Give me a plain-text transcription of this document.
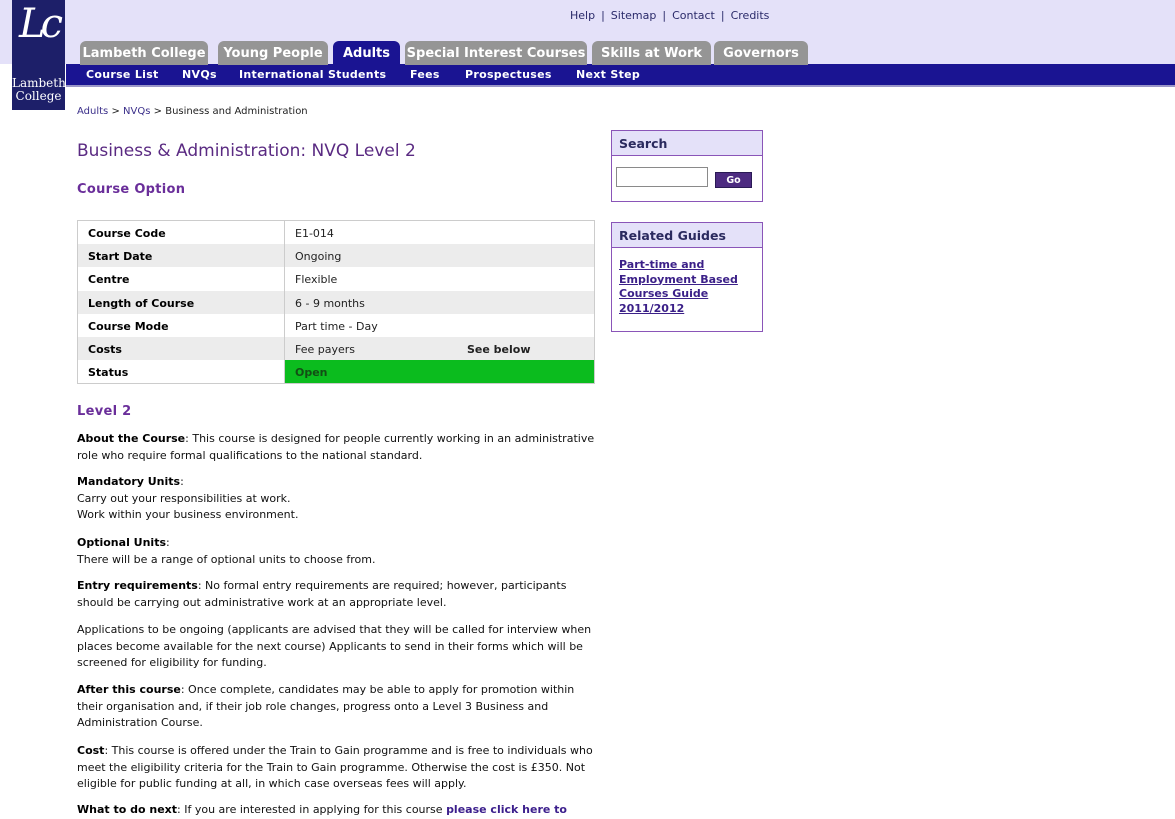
Lc
Lambeth
College
Help | Sitemap | Contact | Credits
Lambeth College	Young People	Adults	Special Interest Courses	Skills at Work	Governors
Course List NVQs International Students Fees Prospectuses Next Step
Adults > NVQs > Business and Administration
Business & Administration: NVQ Level 2
Course Option
Course Code	E1-014
Start Date	Ongoing
Centre	Flexible
Length of Course	6 - 9 months
Course Mode	Part time - Day
Costs	Fee payers	See below
Status	Open
Level 2
About the Course: This course is designed for people currently working in an administrative role who require formal qualifications to the national standard.
Mandatory Units:
Carry out your responsibilities at work.
Work within your business environment.
Optional Units:
There will be a range of optional units to choose from.
Entry requirements: No formal entry requirements are required; however, participants should be carrying out administrative work at an appropriate level.
Applications to be ongoing (applicants are advised that they will be called for interview when places become available for the next course) Applicants to send in their forms which will be screened for eligibility for funding.
After this course: Once complete, candidates may be able to apply for promotion within their organisation and, if their job role changes, progress onto a Level 3 Business and Administration Course.
Cost: This course is offered under the Train to Gain programme and is free to individuals who meet the eligibility criteria for the Train to Gain programme. Otherwise the cost is £350. Not eligible for public funding at all, in which case overseas fees will apply.
What to do next: If you are interested in applying for this course please click here to
Search
Go
Related Guides
Part-time and Employment Based Courses Guide 2011/2012
